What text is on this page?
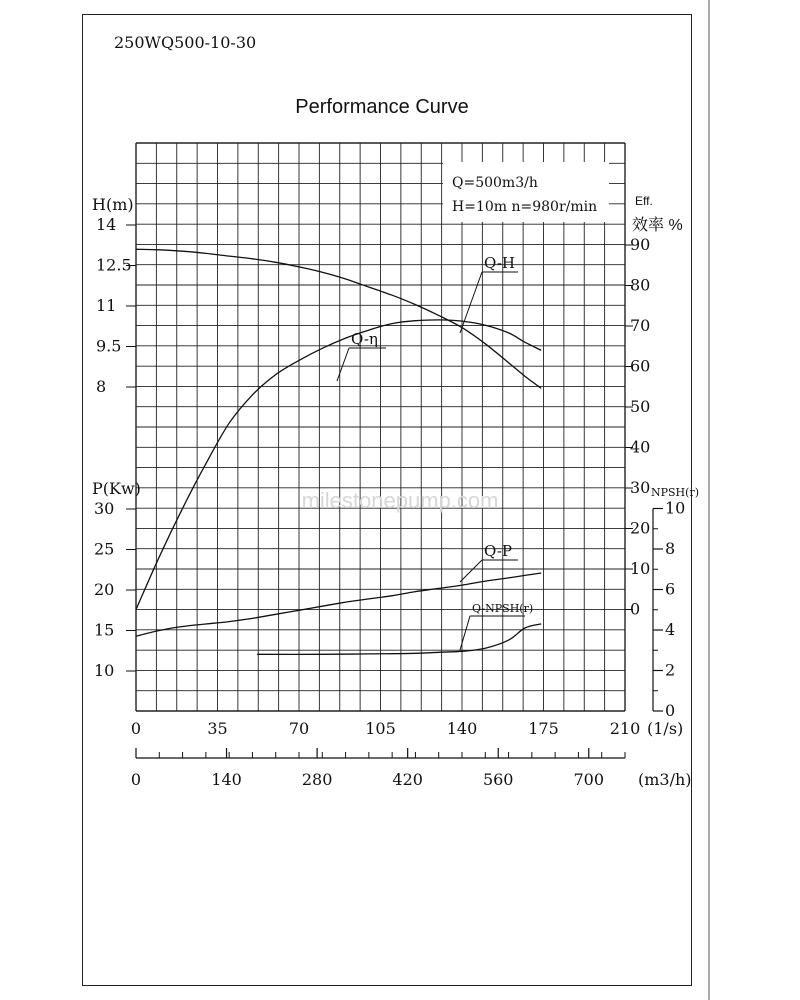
250WQ500-10-30
Performance Curve
Q=500m3/h
H=10m n=980r/min
H(m)
P(Kw)
Eff.
效率 %
NPSH(r)
(1/s)
(m3/h)
14
12.5
11
9.5
8
30
25
20
15
10
90
80
70
60
50
40
30
20
10
0
10
8
6
4
2
0
0	35	70	105	140	175	210
0	140	280	420	560	700
Q-H
Q-η
Q-P
Q-NPSH(r)
milestonepump.com
